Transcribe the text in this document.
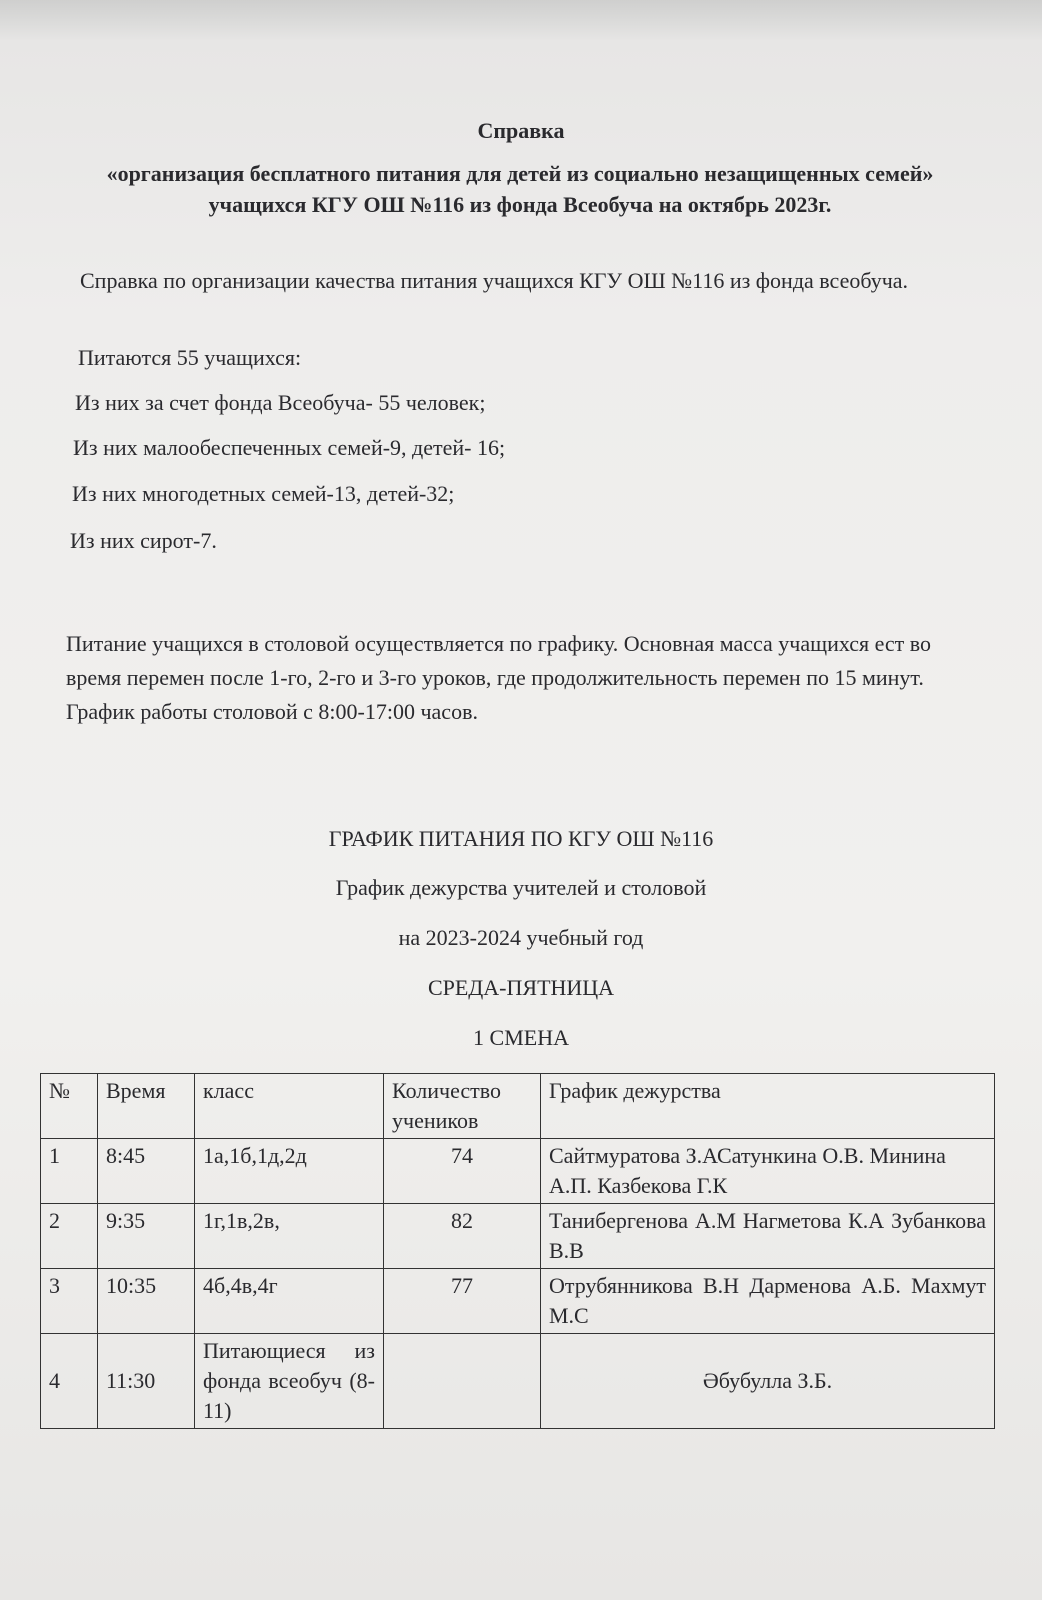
Справка
«организация бесплатного питания для детей из социально незащищенных семей» учащихся КГУ ОШ №116 из фонда Всеобуча на октябрь 2023г.
Справка по организации качества питания учащихся КГУ ОШ №116 из фонда всеобуча.
Питаются 55 учащихся:
Из них за счет фонда Всеобуча- 55 человек;
Из них малообеспеченных семей-9, детей- 16;
Из них многодетных семей-13, детей-32;
Из них сирот-7.
Питание учащихся в столовой осуществляется по графику. Основная масса учащихся ест во время перемен после 1-го, 2-го и 3-го уроков, где продолжительность перемен по 15 минут. График работы столовой с 8:00-17:00 часов.
ГРАФИК ПИТАНИЯ ПО КГУ ОШ №116
График дежурства учителей и столовой
на 2023-2024 учебный год
СРЕДА-ПЯТНИЦА
1 СМЕНА
№	Время	класс	Количество учеников	График дежурства
1	8:45	1а,1б,1д,2д	74	Сайтмуратова З.АСатункина О.В. Минина А.П. Казбекова Г.К
2	9:35	1г,1в,2в,	82	Танибергенова А.М Нагметова К.А Зубанкова В.В
3	10:35	4б,4в,4г	77	Отрубянникова В.Н Дарменова А.Б. Махмут М.С
4	11:30	Питающиеся из фонда всеобуч (8-11)		Әбубулла З.Б.
